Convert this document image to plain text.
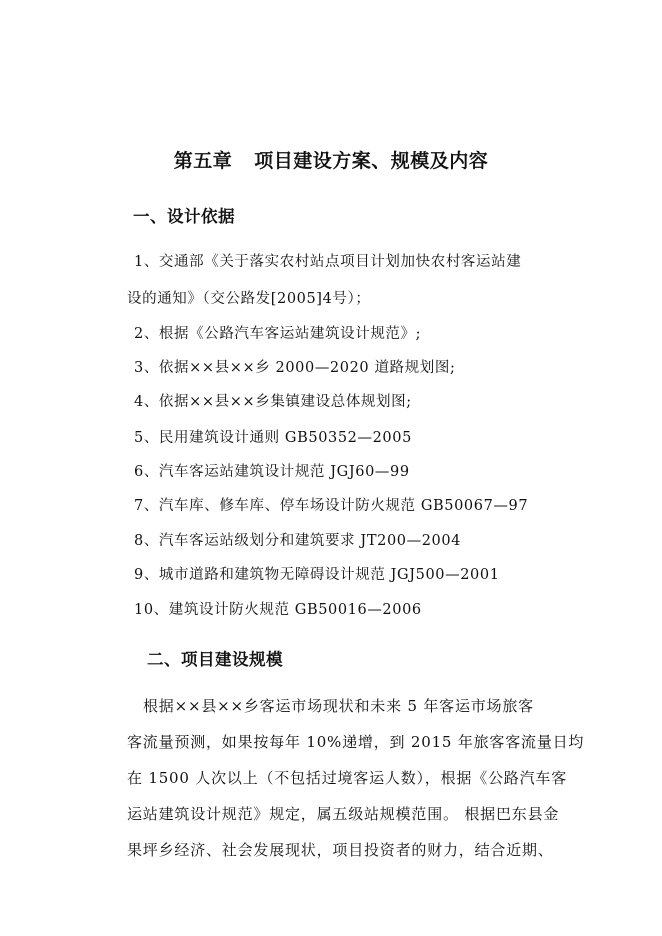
第五章 项目建设方案、规模及内容
一、设计依据
1、交通部《关于落实农村站点项目计划加快农村客运站建
设的通知》（交公路发[2005]4号）；
2、根据《公路汽车客运站建筑设计规范》;
3、依据××县××乡 2000—2020 道路规划图;
4、依据××县××乡集镇建设总体规划图;
5、民用建筑设计通则 GB50352—2005
6、汽车客运站建筑设计规范 JGJ60—99
7、汽车库、修车库、停车场设计防火规范 GB50067—97
8、汽车客运站级划分和建筑要求 JT200—2004
9、城市道路和建筑物无障碍设计规范 JGJ500—2001
10、建筑设计防火规范 GB50016—2006
二、项目建设规模
根据××县××乡客运市场现状和未来 5 年客运市场旅客
客流量预测，如果按每年 10%递增，到 2015 年旅客客流量日均
在 1500 人次以上（不包括过境客运人数），根据《公路汽车客
运站建筑设计规范》规定，属五级站规模范围。 根据巴东县金
果坪乡经济、社会发展现状，项目投资者的财力，结合近期、
